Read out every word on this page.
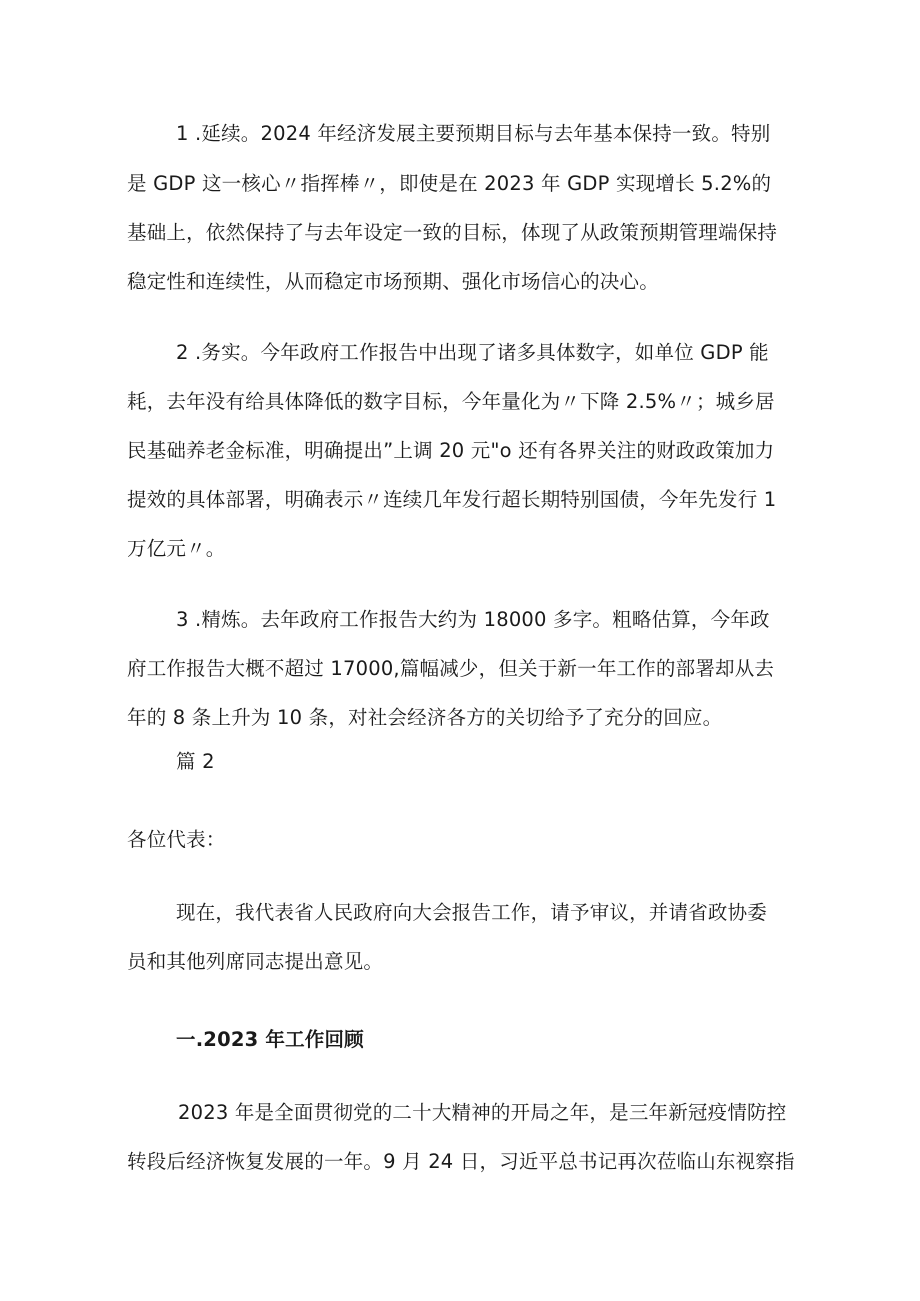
1 .延续。2024 年经济发展主要预期目标与去年基本保持一致。特别
是 GDP 这一核心〃指挥棒〃，即使是在 2023 年 GDP 实现增长 5.2%的
基础上，依然保持了与去年设定一致的目标，体现了从政策预期管理端保持
稳定性和连续性，从而稳定市场预期、强化市场信心的决心。
2 .务实。今年政府工作报告中出现了诸多具体数字，如单位 GDP 能
耗，去年没有给具体降低的数字目标，今年量化为〃下降 2.5%〃；城乡居
民基础养老金标准，明确提出”上调 20 元"o 还有各界关注的财政政策加力
提效的具体部署，明确表示〃连续几年发行超长期特别国债，今年先发行 1
万亿元〃。
3 .精炼。去年政府工作报告大约为 18000 多字。粗略估算，今年政
府工作报告大概不超过 17000,篇幅减少，但关于新一年工作的部署却从去
年的 8 条上升为 10 条，对社会经济各方的关切给予了充分的回应。
篇 2
各位代表：
现在，我代表省人民政府向大会报告工作，请予审议，并请省政协委
员和其他列席同志提出意见。
一.2023 年工作回顾
2023 年是全面贯彻党的二十大精神的开局之年，是三年新冠疫情防控
转段后经济恢复发展的一年。9 月 24 日，习近平总书记再次莅临山东视察指
